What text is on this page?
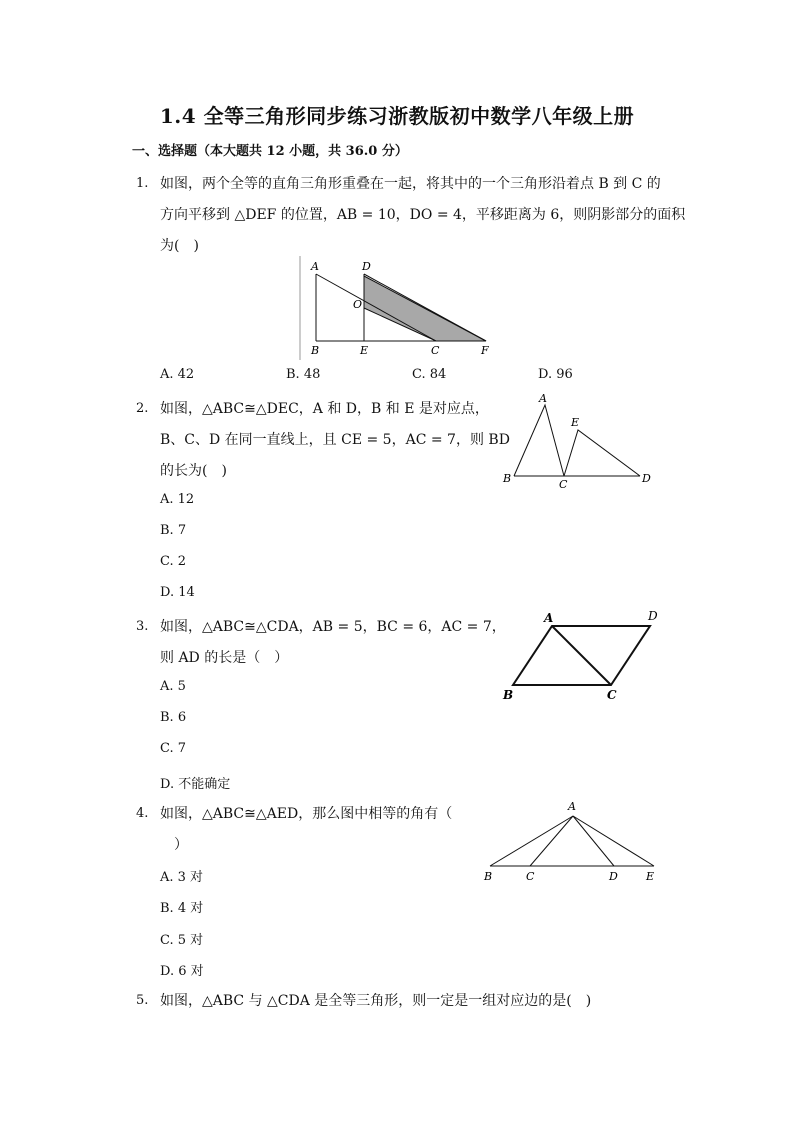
1.4 全等三角形同步练习浙教版初中数学八年级上册
一、选择题（本大题共 12 小题，共 36.0 分）
1. 如图，两个全等的直角三角形重叠在一起，将其中的一个三角形沿着点 B 到 C 的
方向平移到 △DEF 的位置，AB = 10，DO = 4，平移距离为 6，则阴影部分的面积
为(　)
A	D
O
B	E	C	F
A. 42	B. 48	C. 84	D. 96
2. 如图，△ABC≅△DEC，A 和 D，B 和 E 是对应点，
B、C、D 在同一直线上，且 CE = 5，AC = 7，则 BD
的长为(　)
A
E
B	C	D
A. 12
B. 7
C. 2
D. 14
3. 如图，△ABC≅△CDA，AB = 5，BC = 6，AC = 7，
则 AD 的长是（　）
A	D
B	C
A. 5
B. 6
C. 7
D. 不能确定
4. 如图，△ABC≅△AED，那么图中相等的角有（
）
A
B	C	D	E
A. 3 对
B. 4 对
C. 5 对
D. 6 对
5. 如图，△ABC 与 △CDA 是全等三角形，则一定是一组对应边的是(　)
